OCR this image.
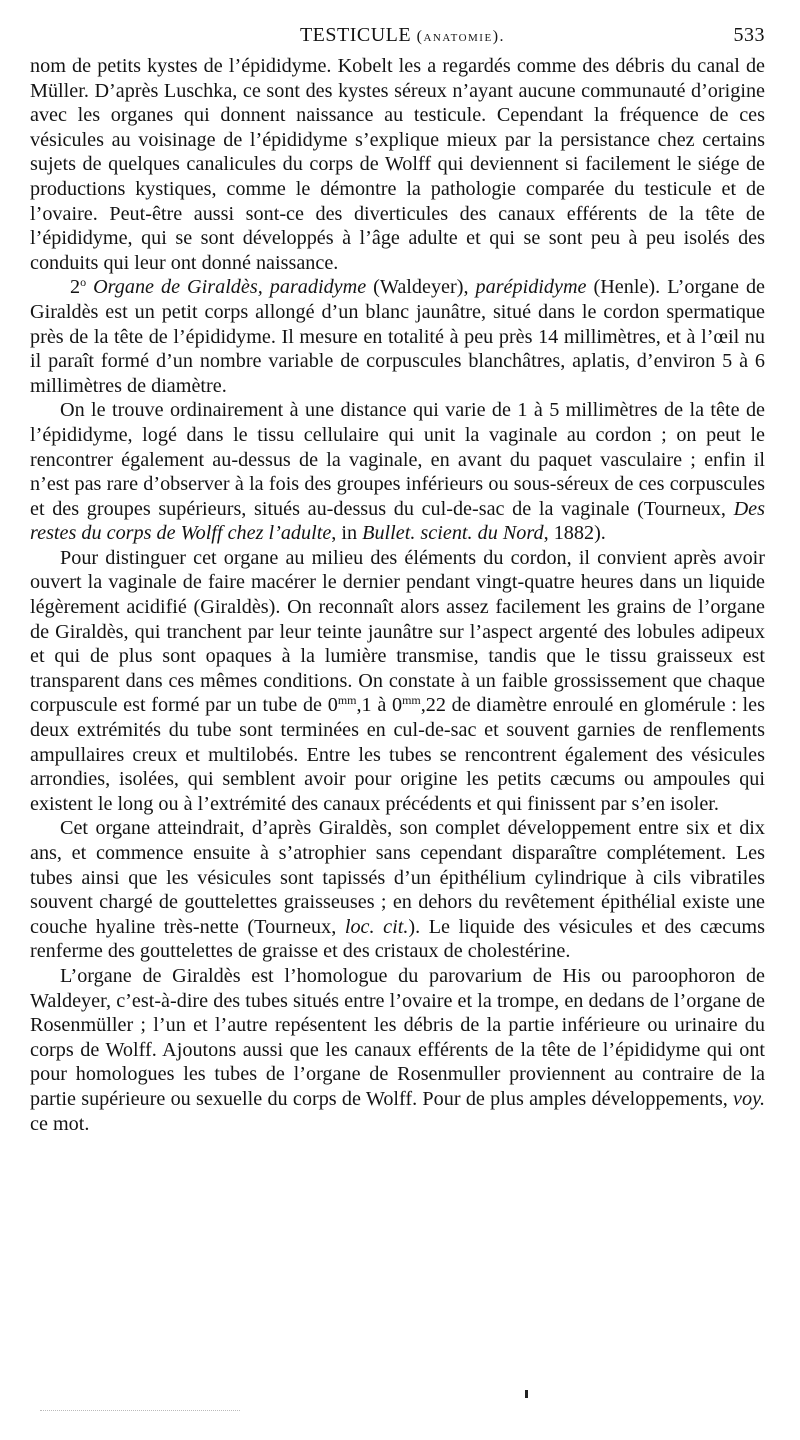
TESTICULE (anatomie).	533

nom de petits kystes de l’épididyme. Kobelt les a regardés comme des débris du canal de Müller. D’après Luschka, ce sont des kystes séreux n’ayant aucune communauté d’origine avec les organes qui donnent naissance au testicule. Cependant la fréquence de ces vésicules au voisinage de l’épididyme s’explique mieux par la persistance chez certains sujets de quelques canalicules du corps de Wolff qui deviennent si facilement le siége de productions kystiques, comme le démontre la pathologie comparée du testicule et de l’ovaire. Peut-être aussi sont-ce des diverticules des canaux efférents de la tête de l’épididyme, qui se sont développés à l’âge adulte et qui se sont peu à peu isolés des conduits qui leur ont donné naissance.

2$^o$ Organe de Giraldès, paradidyme (Waldeyer), parépididyme (Henle). L’organe de Giraldès est un petit corps allongé d’un blanc jaunâtre, situé dans le cordon spermatique près de la tête de l’épididyme. Il mesure en totalité à peu près 14 millimètres, et à l’œil nu il paraît formé d’un nombre variable de corpuscules blanchâtres, aplatis, d’environ 5 à 6 millimètres de diamètre.

On le trouve ordinairement à une distance qui varie de 1 à 5 millimètres de la tête de l’épididyme, logé dans le tissu cellulaire qui unit la vaginale au cordon ; on peut le rencontrer également au-dessus de la vaginale, en avant du paquet vasculaire ; enfin il n’est pas rare d’observer à la fois des groupes inférieurs ou sous-séreux de ces corpuscules et des groupes supérieurs, situés au-dessus du cul-de-sac de la vaginale (Tourneux, Des restes du corps de Wolff chez l’adulte, in Bullet. scient. du Nord, 1882).

Pour distinguer cet organe au milieu des éléments du cordon, il convient après avoir ouvert la vaginale de faire macérer le dernier pendant vingt-quatre heures dans un liquide légèrement acidifié (Giraldès). On reconnaît alors assez facilement les grains de l’organe de Giraldès, qui tranchent par leur teinte jaunâtre sur l’aspect argenté des lobules adipeux et qui de plus sont opaques à la lumière transmise, tandis que le tissu graisseux est transparent dans ces mêmes conditions. On constate à un faible grossissement que chaque corpuscule est formé par un tube de $0^{mm},1$ à $0^{mm},22$ de diamètre enroulé en glomérule : les deux extrémités du tube sont terminées en cul-de-sac et souvent garnies de renflements ampullaires creux et multilobés. Entre les tubes se rencontrent également des vésicules arrondies, isolées, qui semblent avoir pour origine les petits cæcums ou ampoules qui existent le long ou à l’extrémité des canaux précédents et qui finissent par s’en isoler.

Cet organe atteindrait, d’après Giraldès, son complet développement entre six et dix ans, et commence ensuite à s’atrophier sans cependant disparaître complétement. Les tubes ainsi que les vésicules sont tapissés d’un épithélium cylindrique à cils vibratiles souvent chargé de gouttelettes graisseuses ; en dehors du revêtement épithélial existe une couche hyaline très-nette (Tourneux, loc. cit.). Le liquide des vésicules et des cæcums renferme des gouttelettes de graisse et des cristaux de cholestérine.

L’organe de Giraldès est l’homologue du parovarium de His ou paroophoron de Waldeyer, c’est-à-dire des tubes situés entre l’ovaire et la trompe, en dedans de l’organe de Rosenmüller ; l’un et l’autre repésentent les débris de la partie inférieure ou urinaire du corps de Wolff. Ajoutons aussi que les canaux efférents de la tête de l’épididyme qui ont pour homologues les tubes de l’organe de Rosenmuller proviennent au contraire de la partie supérieure ou sexuelle du corps de Wolff. Pour de plus amples développements, voy. ce mot.
